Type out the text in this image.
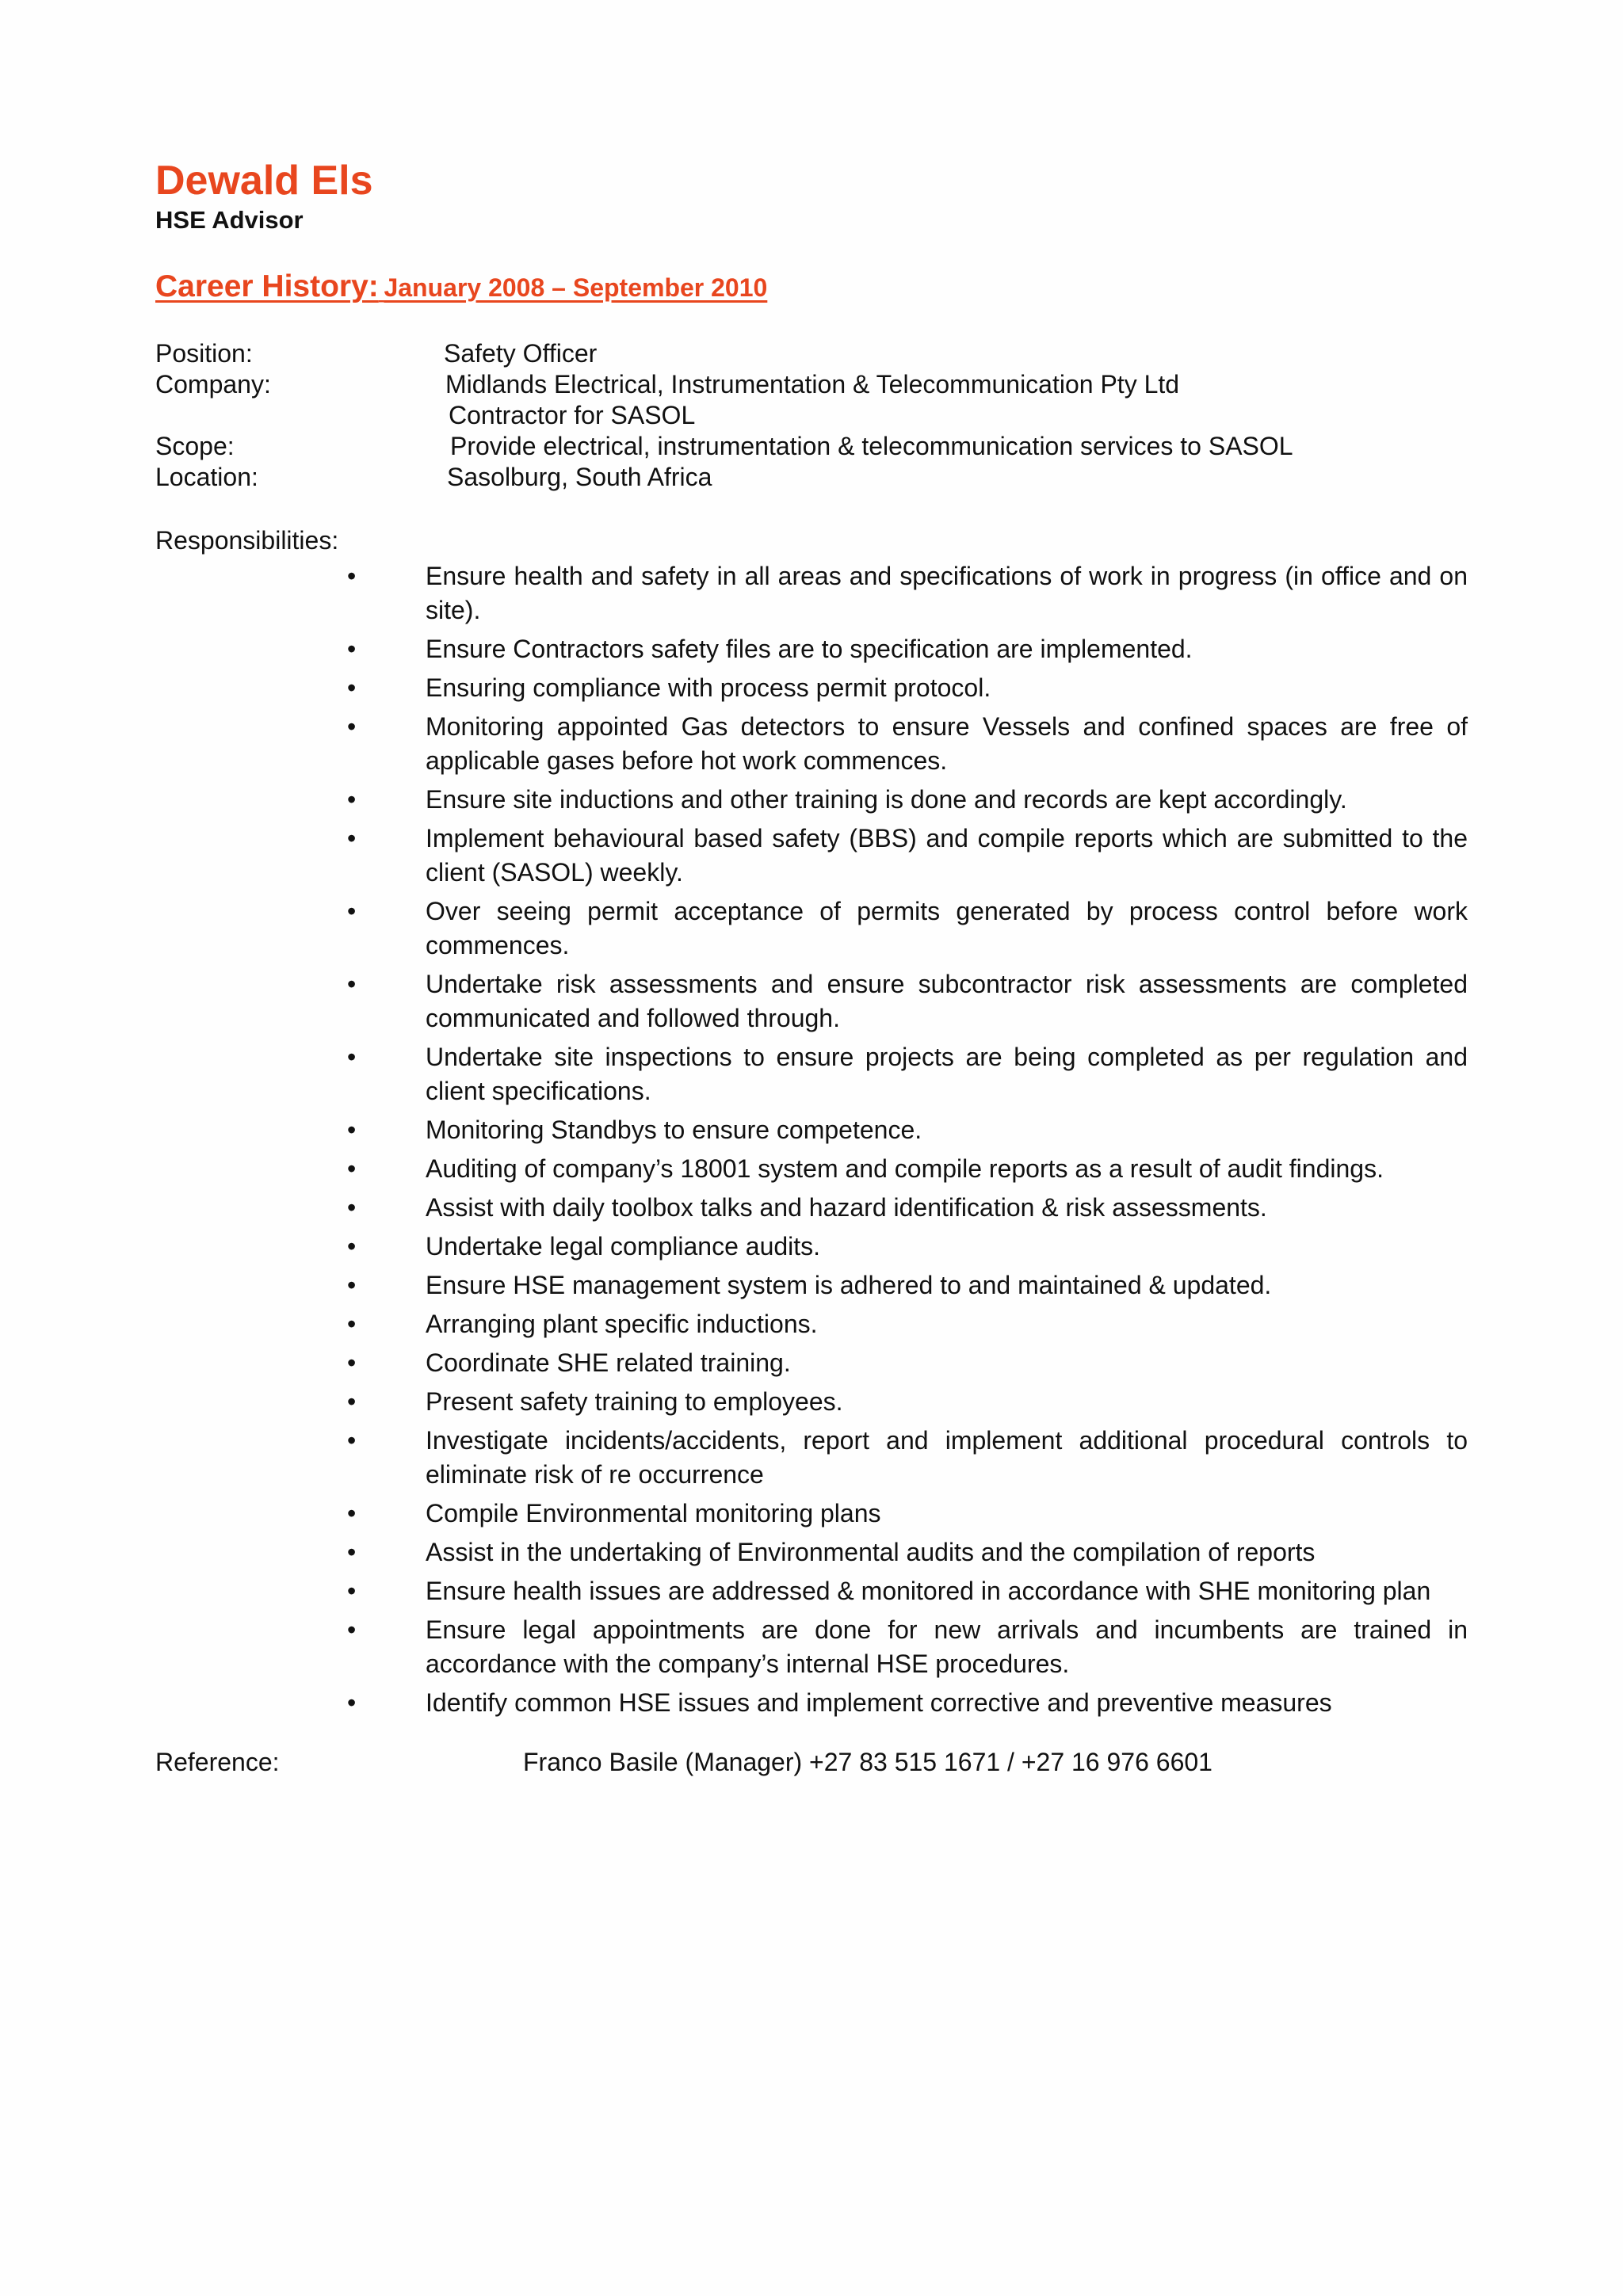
Dewald Els
HSE Advisor
Career History: January 2008 – September 2010
Position:	Safety Officer
Company:	Midlands Electrical, Instrumentation & Telecommunication Pty Ltd
Contractor for SASOL
Scope:	Provide electrical, instrumentation & telecommunication services to SASOL
Location:	Sasolburg, South Africa
Responsibilities:
•	Ensure health and safety in all areas and specifications of work in progress (in office and on site).
•	Ensure Contractors safety files are to specification are implemented.
•	Ensuring compliance with process permit protocol.
•	Monitoring appointed Gas detectors to ensure Vessels and confined spaces are free of applicable gases before hot work commences.
•	Ensure site inductions and other training is done and records are kept accordingly.
•	Implement behavioural based safety (BBS) and compile reports which are submitted to the client (SASOL) weekly.
•	Over seeing permit acceptance of permits generated by process control before work commences.
•	Undertake risk assessments and ensure subcontractor risk assessments are completed communicated and followed through.
•	Undertake site inspections to ensure projects are being completed as per regulation and client specifications.
•	Monitoring Standbys to ensure competence.
•	Auditing of company’s 18001 system and compile reports as a result of audit findings.
•	Assist with daily toolbox talks and hazard identification & risk assessments.
•	Undertake legal compliance audits.
•	Ensure HSE management system is adhered to and maintained & updated.
•	Arranging plant specific inductions.
•	Coordinate SHE related training.
•	Present safety training to employees.
•	Investigate incidents/accidents, report and implement additional procedural controls to eliminate risk of re occurrence
•	Compile Environmental monitoring plans
•	Assist in the undertaking of Environmental audits and the compilation of reports
•	Ensure health issues are addressed & monitored in accordance with SHE monitoring plan
•	Ensure legal appointments are done for new arrivals and incumbents are trained in accordance with the company’s internal HSE procedures.
•	Identify common HSE issues and implement corrective and preventive measures
Reference:	Franco Basile (Manager) +27 83 515 1671 / +27 16 976 6601
